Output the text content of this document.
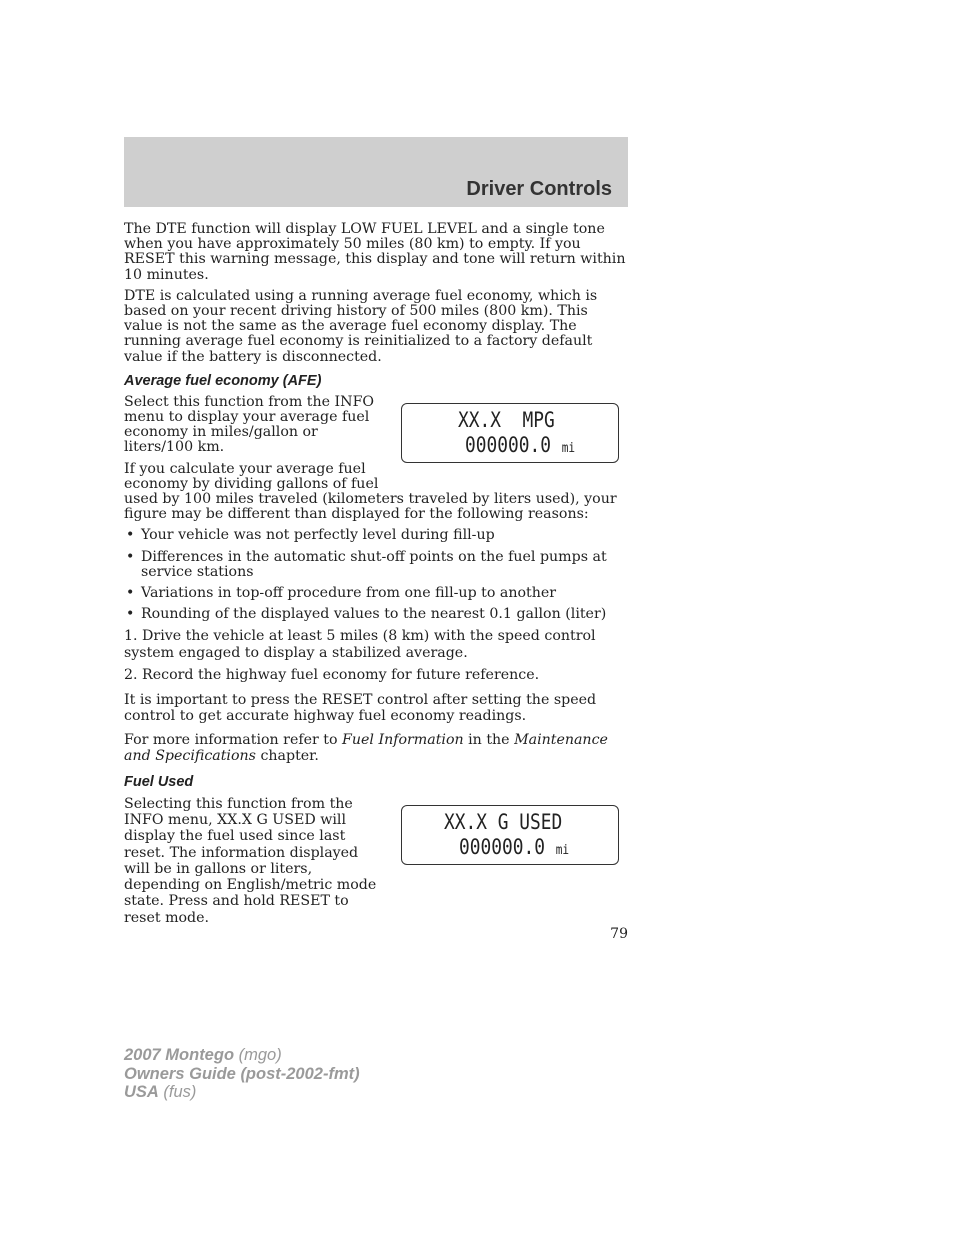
Driver Controls

The DTE function will display LOW FUEL LEVEL and a single tone when you have approximately 50 miles (80 km) to empty. If you RESET this warning message, this display and tone will return within 10 minutes.

DTE is calculated using a running average fuel economy, which is based on your recent driving history of 500 miles (800 km). This value is not the same as the average fuel economy display. The running average fuel economy is reinitialized to a factory default value if the battery is disconnected.

Average fuel economy (AFE)

Select this function from the INFO menu to display your average fuel economy in miles/gallon or liters/100 km.

If you calculate your average fuel economy by dividing gallons of fuel
used by 100 miles traveled (kilometers traveled by liters used), your figure may be different than displayed for the following reasons:

• Your vehicle was not perfectly level during fill-up
• Differences in the automatic shut-off points on the fuel pumps at service stations
• Variations in top-off procedure from one fill-up to another
• Rounding of the displayed values to the nearest 0.1 gallon (liter)

1. Drive the vehicle at least 5 miles (8 km) with the speed control system engaged to display a stabilized average.

2. Record the highway fuel economy for future reference.

It is important to press the RESET control after setting the speed control to get accurate highway fuel economy readings.

For more information refer to Fuel Information in the Maintenance and Specifications chapter.

Fuel Used

Selecting this function from the INFO menu, XX.X G USED will display the fuel used since last reset. The information displayed will be in gallons or liters, depending on English/metric mode state. Press and hold RESET to reset mode.

XX.X  MPG
000000.0 mi
XX.X G USED
000000.0 mi
79
2007 Montego (mgo)
Owners Guide (post-2002-fmt)
USA (fus)
